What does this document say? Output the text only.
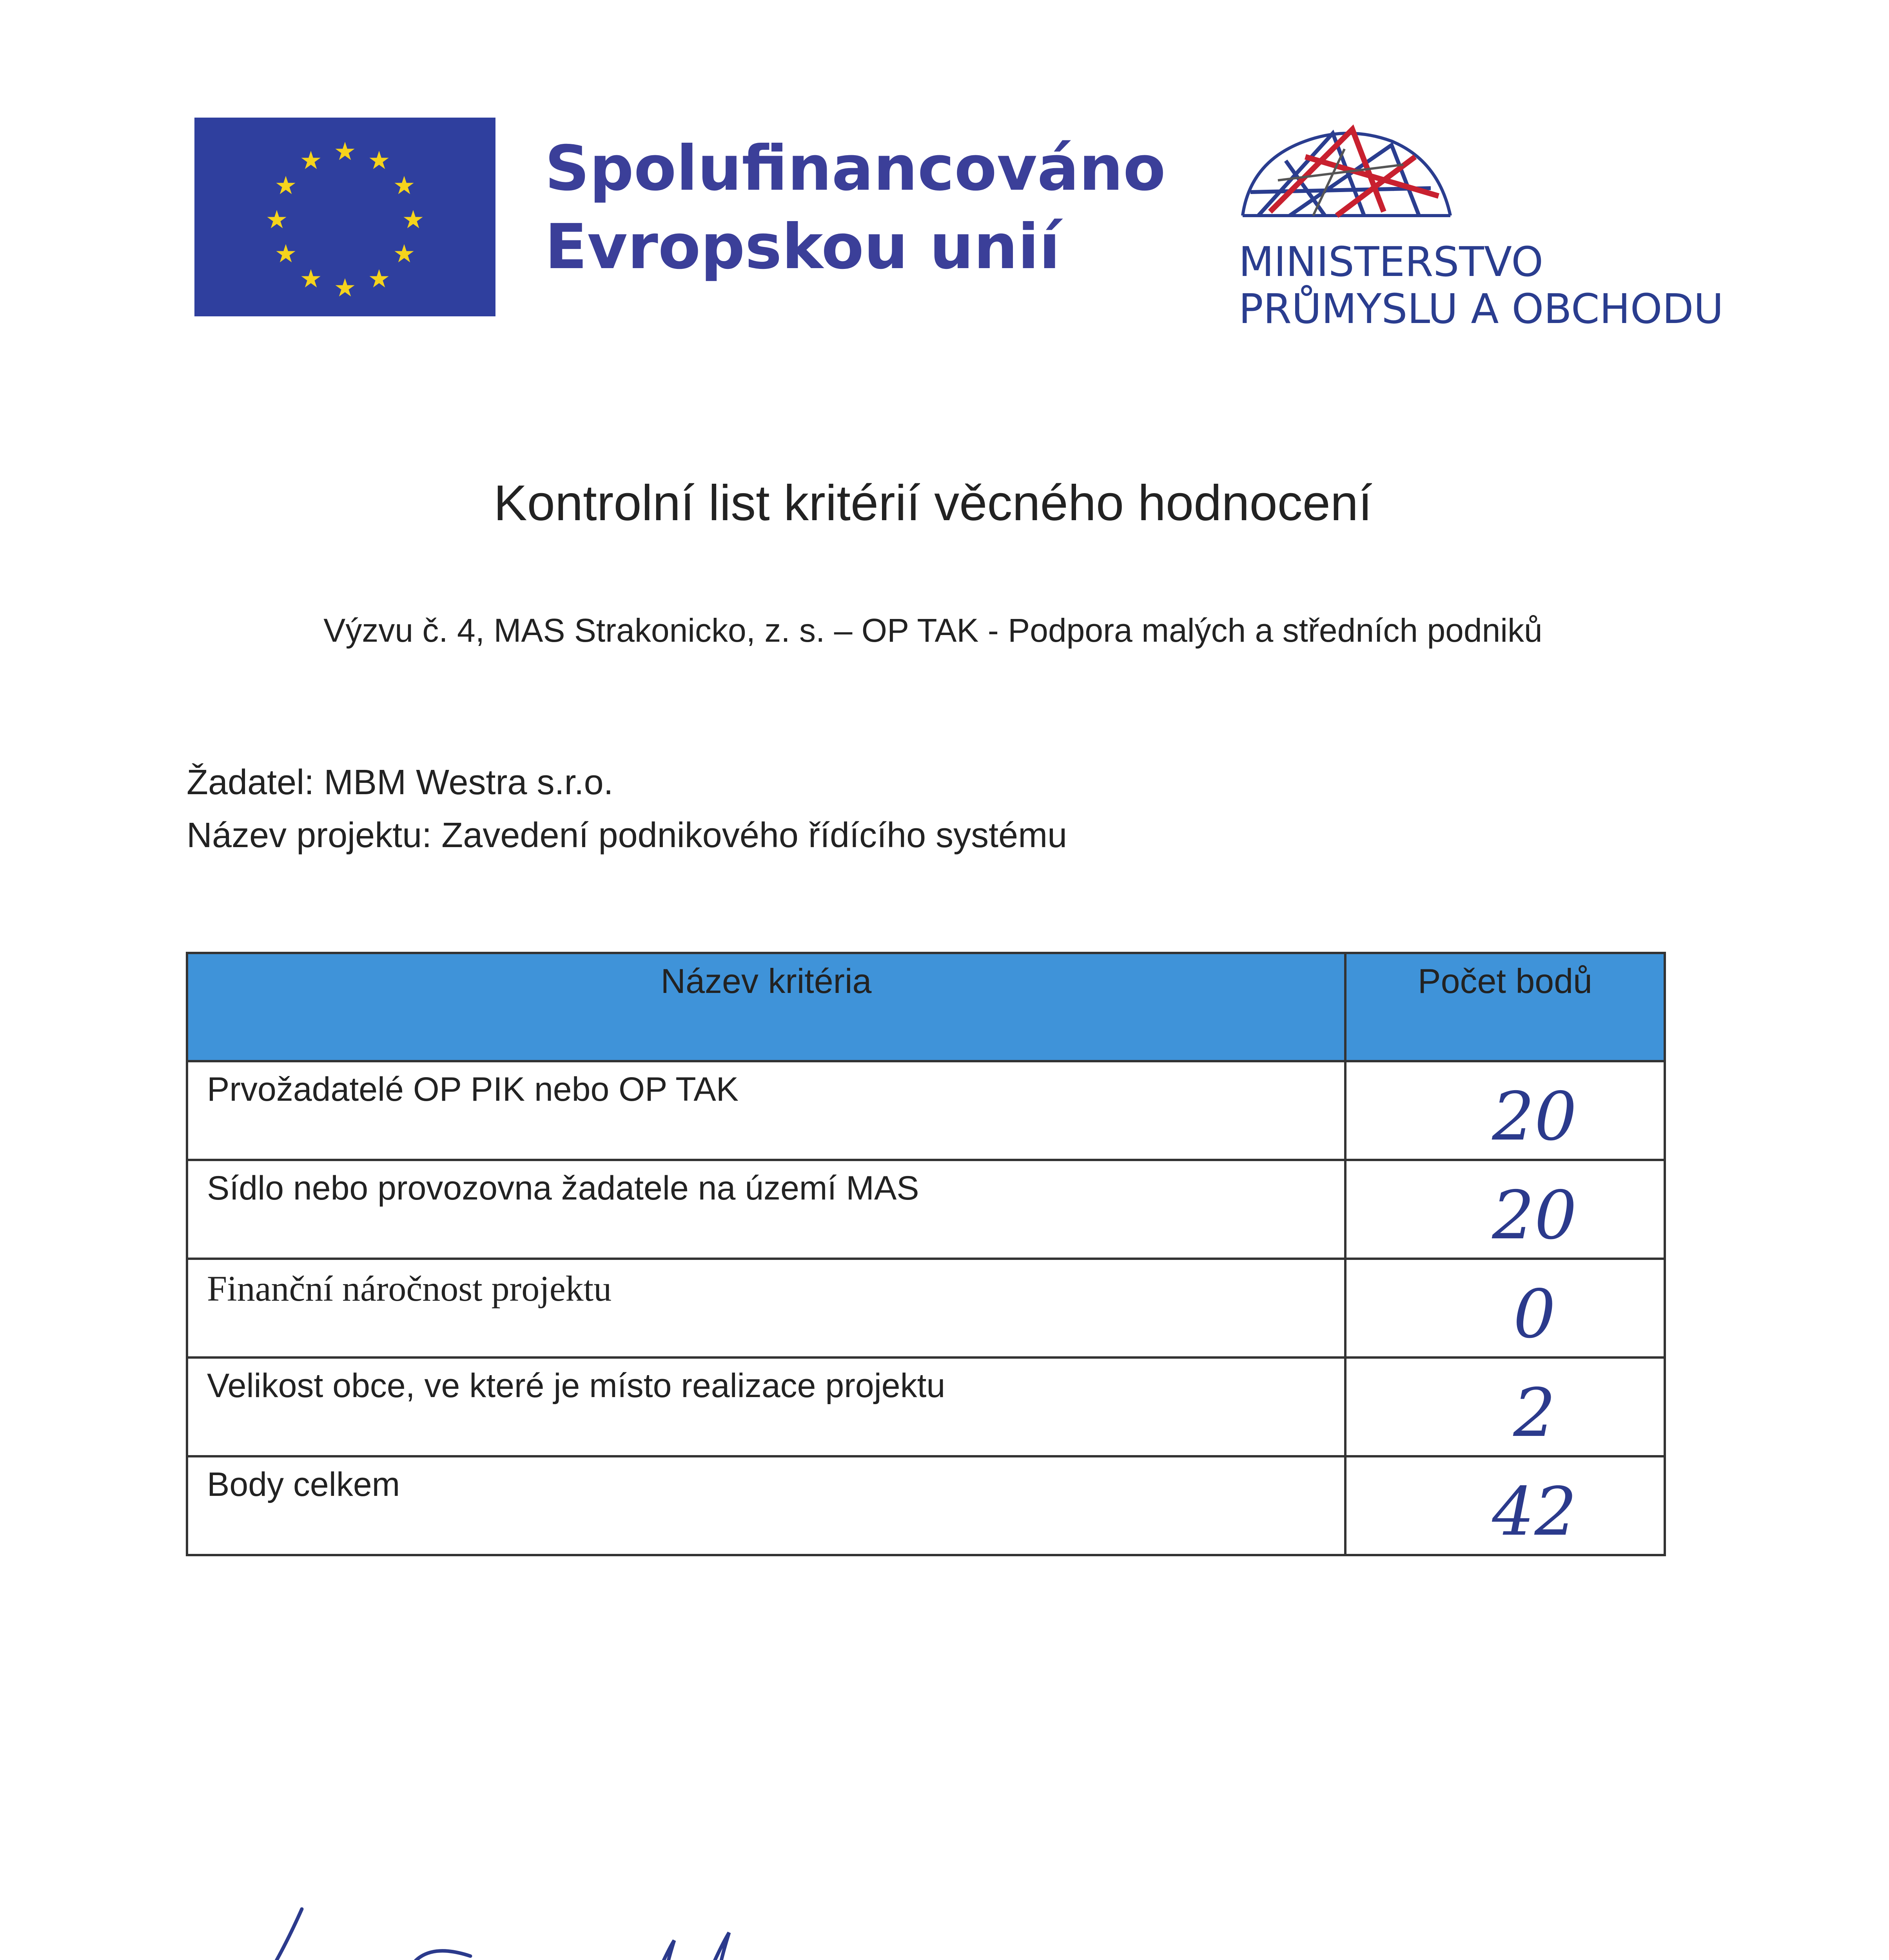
★ ★
★
★
★
★
★
★
★
★
★
★	Spolufinancováno
Evropskou unií	MINISTERSTVO
PRŮMYSLU A OBCHODU
Kontrolní list kritérií věcného hodnocení
Výzvu č. 4, MAS Strakonicko, z. s. – OP TAK - Podpora malých a středních podniků
Žadatel: MBM Westra s.r.o.
Název projektu: Zavedení podnikového řídícího systému
Název kritéria	Počet bodů

Prvožadatelé OP PIK nebo OP TAK	20

Sídlo nebo provozovna žadatele na území MAS	20

Finanční náročnost projektu	0

Velikost obce, ve které je místo realizace projektu	2

Body celkem	42
